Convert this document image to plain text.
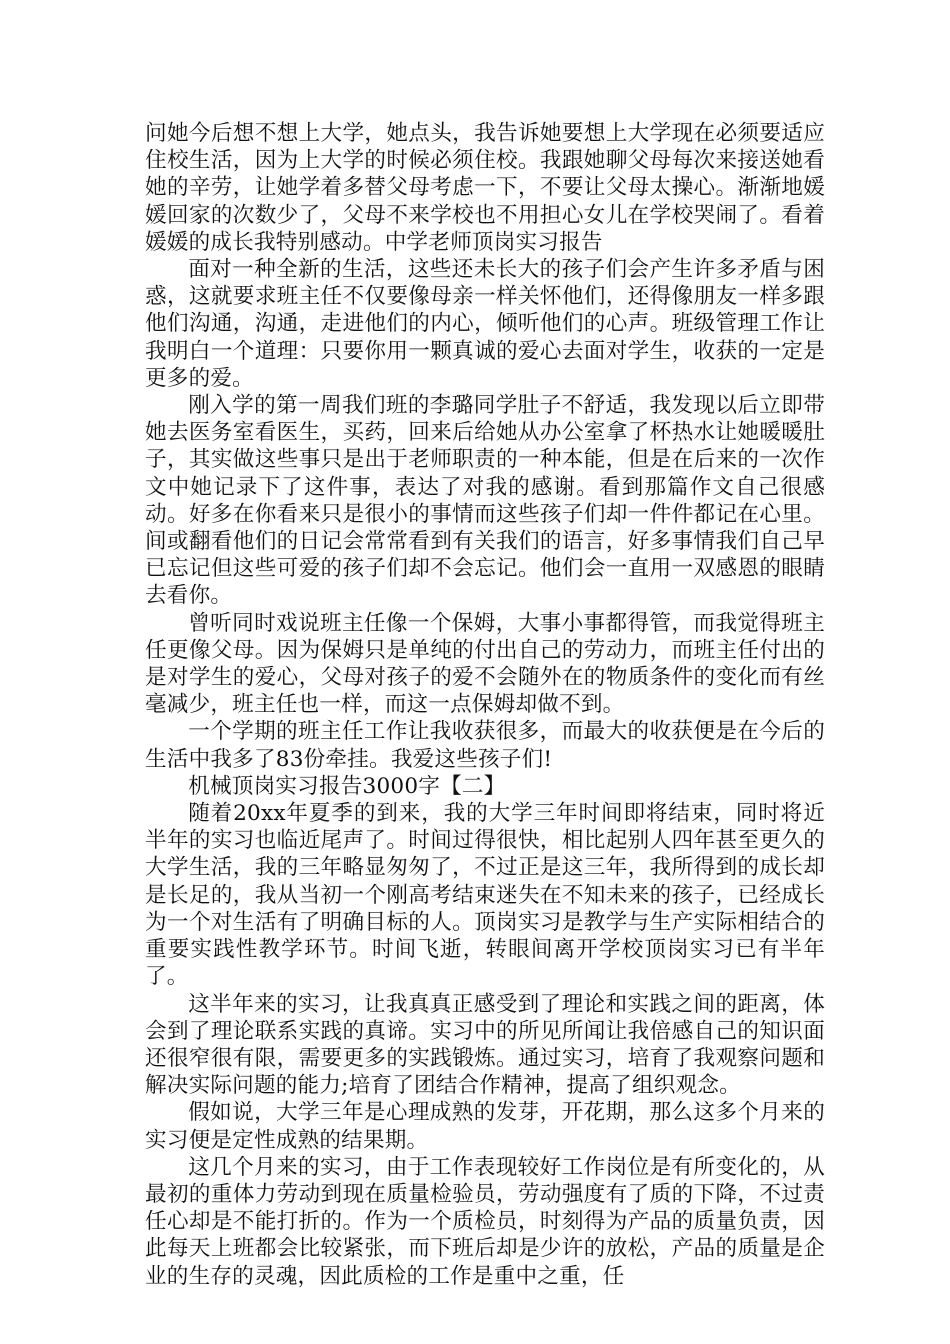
问她今后想不想上大学，她点头，我告诉她要想上大学现在必须要适应住校生活，因为上大学的时候必须住校。我跟她聊父母每次来接送她看她的辛劳，让她学着多替父母考虑一下，不要让父母太操心。渐渐地媛媛回家的次数少了，父母不来学校也不用担心女儿在学校哭闹了。看着媛媛的成长我特别感动。中学老师顶岗实习报告

面对一种全新的生活，这些还未长大的孩子们会产生许多矛盾与困惑，这就要求班主任不仅要像母亲一样关怀他们，还得像朋友一样多跟他们沟通，沟通，走进他们的内心，倾听他们的心声。班级管理工作让我明白一个道理：只要你用一颗真诚的爱心去面对学生，收获的一定是更多的爱。

刚入学的第一周我们班的李璐同学肚子不舒适，我发现以后立即带她去医务室看医生，买药，回来后给她从办公室拿了杯热水让她暖暖肚子，其实做这些事只是出于老师职责的一种本能，但是在后来的一次作文中她记录下了这件事，表达了对我的感谢。看到那篇作文自己很感动。好多在你看来只是很小的事情而这些孩子们却一件件都记在心里。间或翻看他们的日记会常常看到有关我们的语言，好多事情我们自己早已忘记但这些可爱的孩子们却不会忘记。他们会一直用一双感恩的眼睛去看你。

曾听同时戏说班主任像一个保姆，大事小事都得管，而我觉得班主任更像父母。因为保姆只是单纯的付出自己的劳动力，而班主任付出的是对学生的爱心，父母对孩子的爱不会随外在的物质条件的变化而有丝毫减少，班主任也一样，而这一点保姆却做不到。

一个学期的班主任工作让我收获很多，而最大的收获便是在今后的生活中我多了83份牵挂。我爱这些孩子们!

机械顶岗实习报告3000字【二】

随着20xx年夏季的到来，我的大学三年时间即将结束，同时将近半年的实习也临近尾声了。时间过得很快，相比起别人四年甚至更久的大学生活，我的三年略显匆匆了，不过正是这三年，我所得到的成长却是长足的，我从当初一个刚高考结束迷失在不知未来的孩子，已经成长为一个对生活有了明确目标的人。顶岗实习是教学与生产实际相结合的重要实践性教学环节。时间飞逝，转眼间离开学校顶岗实习已有半年了。

这半年来的实习，让我真真正感受到了理论和实践之间的距离，体会到了理论联系实践的真谛。实习中的所见所闻让我倍感自己的知识面还很窄很有限，需要更多的实践锻炼。通过实习，培育了我观察问题和解决实际问题的能力;培育了团结合作精神，提高了组织观念。

假如说，大学三年是心理成熟的发芽，开花期，那么这多个月来的实习便是定性成熟的结果期。

这几个月来的实习，由于工作表现较好工作岗位是有所变化的，从最初的重体力劳动到现在质量检验员，劳动强度有了质的下降，不过责任心却是不能打折的。作为一个质检员，时刻得为产品的质量负责，因此每天上班都会比较紧张，而下班后却是少许的放松，产品的质量是企业的生存的灵魂，因此质检的工作是重中之重，任
